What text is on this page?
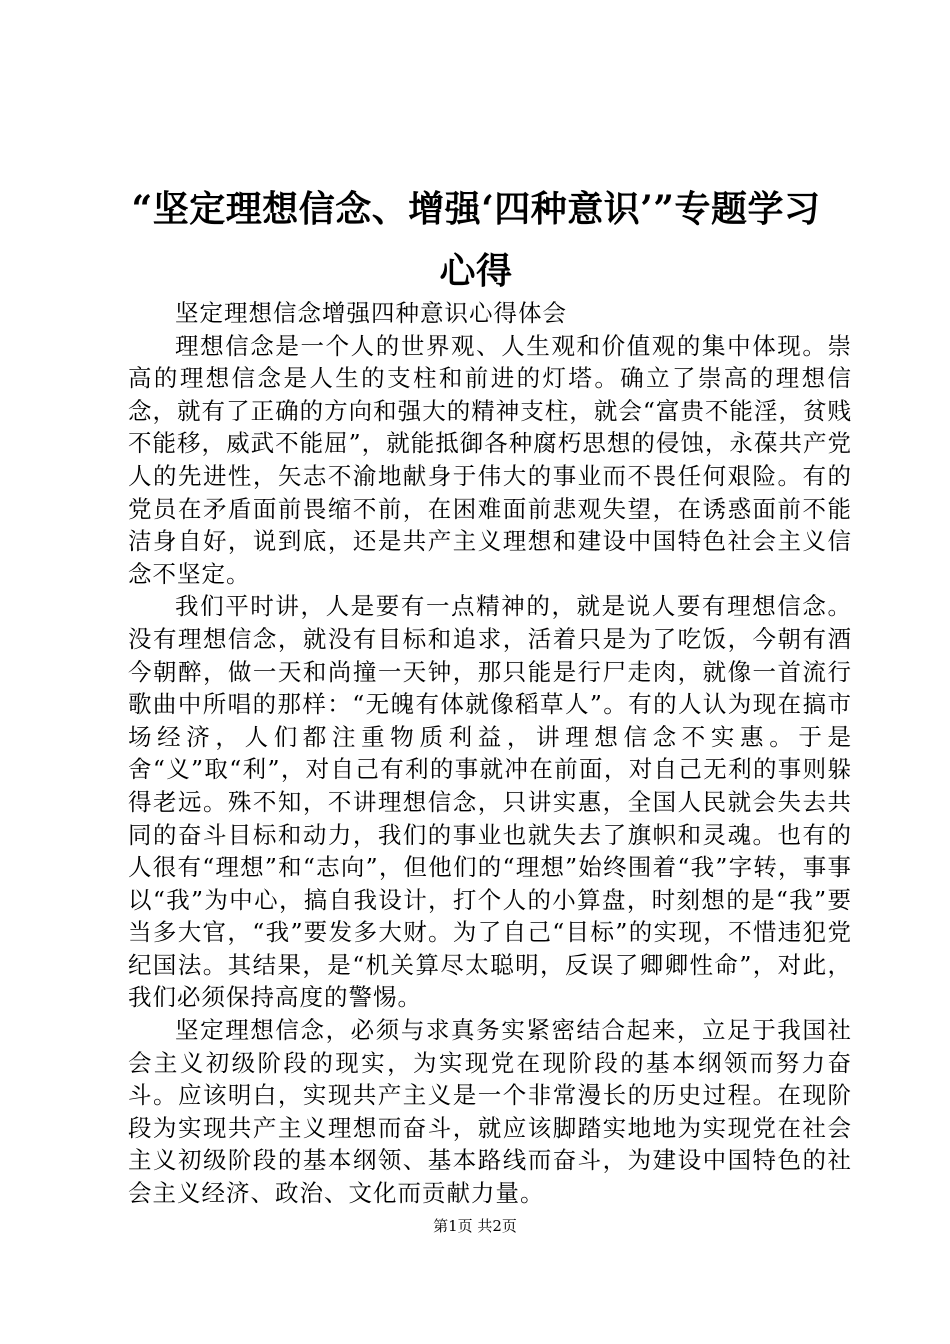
“坚定理想信念、增强‘四种意识’”专题学习心得

坚定理想信念增强四种意识心得体会

理想信念是一个人的世界观、人生观和价值观的集中体现。崇高的理想信念是人生的支柱和前进的灯塔。确立了崇高的理想信念，就有了正确的方向和强大的精神支柱，就会“富贵不能淫，贫贱不能移，威武不能屈”，就能抵御各种腐朽思想的侵蚀，永葆共产党人的先进性，矢志不渝地献身于伟大的事业而不畏任何艰险。有的党员在矛盾面前畏缩不前，在困难面前悲观失望，在诱惑面前不能洁身自好，说到底，还是共产主义理想和建设中国特色社会主义信念不坚定。

我们平时讲，人是要有一点精神的，就是说人要有理想信念。没有理想信念，就没有目标和追求，活着只是为了吃饭，今朝有酒今朝醉，做一天和尚撞一天钟，那只能是行尸走肉，就像一首流行歌曲中所唱的那样：“无魄有体就像稻草人”。有的人认为现在搞市场经济，人们都注重物质利益，讲理想信念不实惠。于是舍“义”取“利”，对自己有利的事就冲在前面，对自己无利的事则躲得老远。殊不知，不讲理想信念，只讲实惠，全国人民就会失去共同的奋斗目标和动力，我们的事业也就失去了旗帜和灵魂。也有的人很有“理想”和“志向”，但他们的“理想”始终围着“我”字转，事事以“我”为中心，搞自我设计，打个人的小算盘，时刻想的是“我”要当多大官，“我”要发多大财。为了自己“目标”的实现，不惜违犯党纪国法。其结果，是“机关算尽太聪明，反误了卿卿性命”，对此，我们必须保持高度的警惕。

坚定理想信念，必须与求真务实紧密结合起来，立足于我国社会主义初级阶段的现实，为实现党在现阶段的基本纲领而努力奋斗。应该明白，实现共产主义是一个非常漫长的历史过程。在现阶段为实现共产主义理想而奋斗，就应该脚踏实地地为实现党在社会主义初级阶段的基本纲领、基本路线而奋斗，为建设中国特色的社会主义经济、政治、文化而贡献力量。

第1页 共2页
